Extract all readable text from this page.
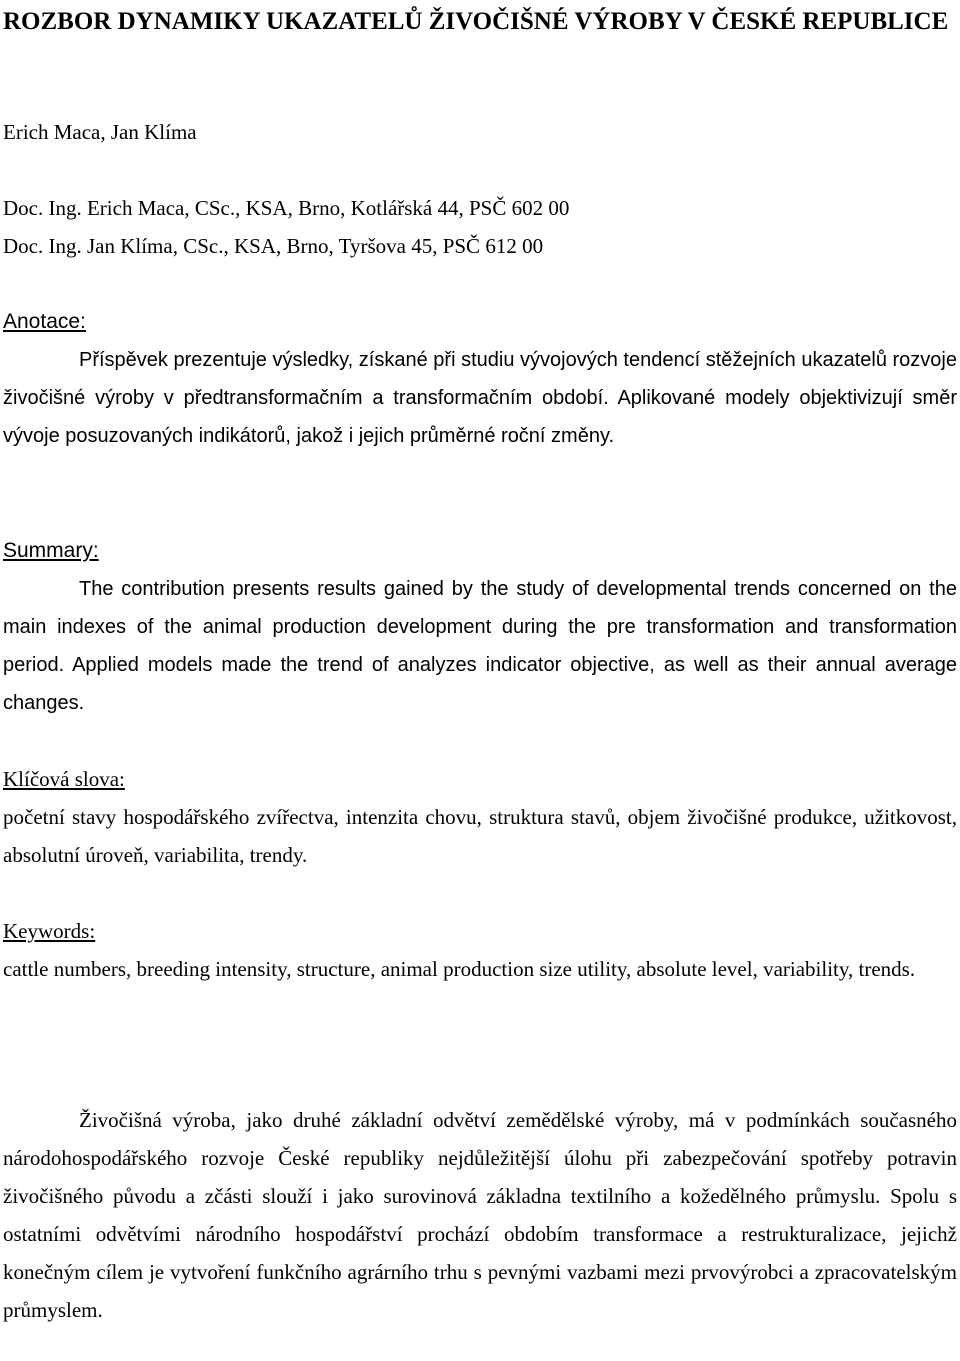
ROZBOR DYNAMIKY UKAZATELŮ ŽIVOČIŠNÉ VÝROBY V ČESKÉ REPUBLICE

Erich Maca, Jan Klíma

Doc. Ing. Erich Maca, CSc., KSA, Brno, Kotlářská 44, PSČ 602 00

Doc. Ing. Jan Klíma, CSc., KSA, Brno, Tyršova 45, PSČ 612 00

Anotace:

Příspěvek prezentuje výsledky, získané při studiu vývojových tendencí stěžejních ukazatelů rozvoje živočišné výroby v předtransformačním a transformačním období. Aplikované modely objektivizují směr vývoje posuzovaných indikátorů, jakož i jejich průměrné roční změny.

Summary:

The contribution presents results gained by the study of developmental trends concerned on the main indexes of the animal production development during the pre transformation and transformation period. Applied models made the trend of analyzes indicator objective, as well as their annual average changes.

Klíčová slova:

početní stavy hospodářského zvířectva, intenzita chovu, struktura stavů, objem živočišné produkce, užitkovost, absolutní úroveň, variabilita, trendy.

Keywords:

cattle numbers, breeding intensity, structure, animal production size utility, absolute level, variability, trends.

Živočišná výroba, jako druhé základní odvětví zemědělské výroby, má v podmínkách současného národohospodářského rozvoje České republiky nejdůležitější úlohu při zabezpečování spotřeby potravin živočišného původu a zčásti slouží i jako surovinová základna textilního a kožedělného průmyslu. Spolu s ostatními odvětvími národního hospodářství prochází obdobím transformace a restrukturalizace, jejichž konečným cílem je vytvoření funkčního agrárního trhu s pevnými vazbami mezi prvovýrobci a zpracovatelským průmyslem.
